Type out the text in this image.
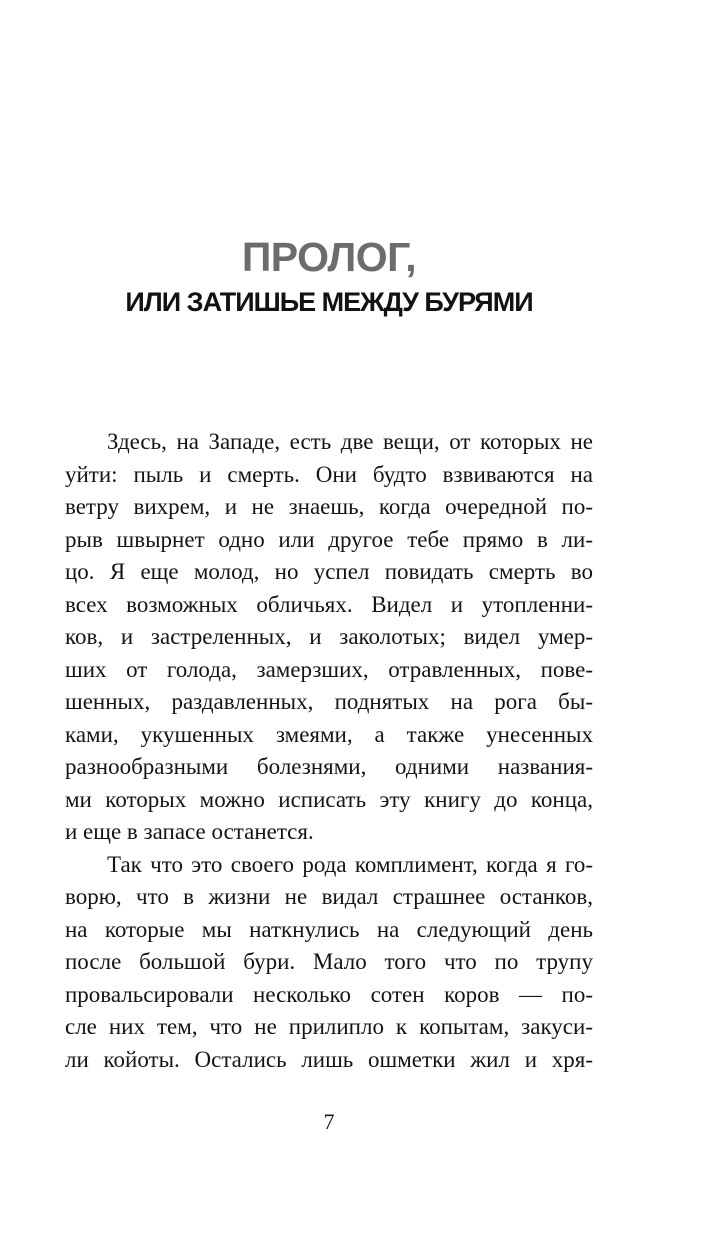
ПРОЛОГ,
ИЛИ ЗАТИШЬЕ МЕЖДУ БУРЯМИ
Здесь, на Западе, есть две вещи, от которых не
уйти: пыль и смерть. Они будто взвиваются на
ветру вихрем, и не знаешь, когда очередной по-
рыв швырнет одно или другое тебе прямо в ли-
цо. Я еще молод, но успел повидать смерть во
всех возможных обличьях. Видел и утопленни-
ков, и застреленных, и заколотых; видел умер-
ших от голода, замерзших, отравленных, пове-
шенных, раздавленных, поднятых на рога бы-
ками, укушенных змеями, а также унесенных
разнообразными болезнями, одними названия-
ми которых можно исписать эту книгу до конца,
и еще в запасе останется.
Так что это своего рода комплимент, когда я го-
ворю, что в жизни не видал страшнее останков,
на которые мы наткнулись на следующий день
после большой бури. Мало того что по трупу
провальсировали несколько сотен коров — по-
сле них тем, что не прилипло к копытам, закуси-
ли койоты. Остались лишь ошметки жил и хря-
7
